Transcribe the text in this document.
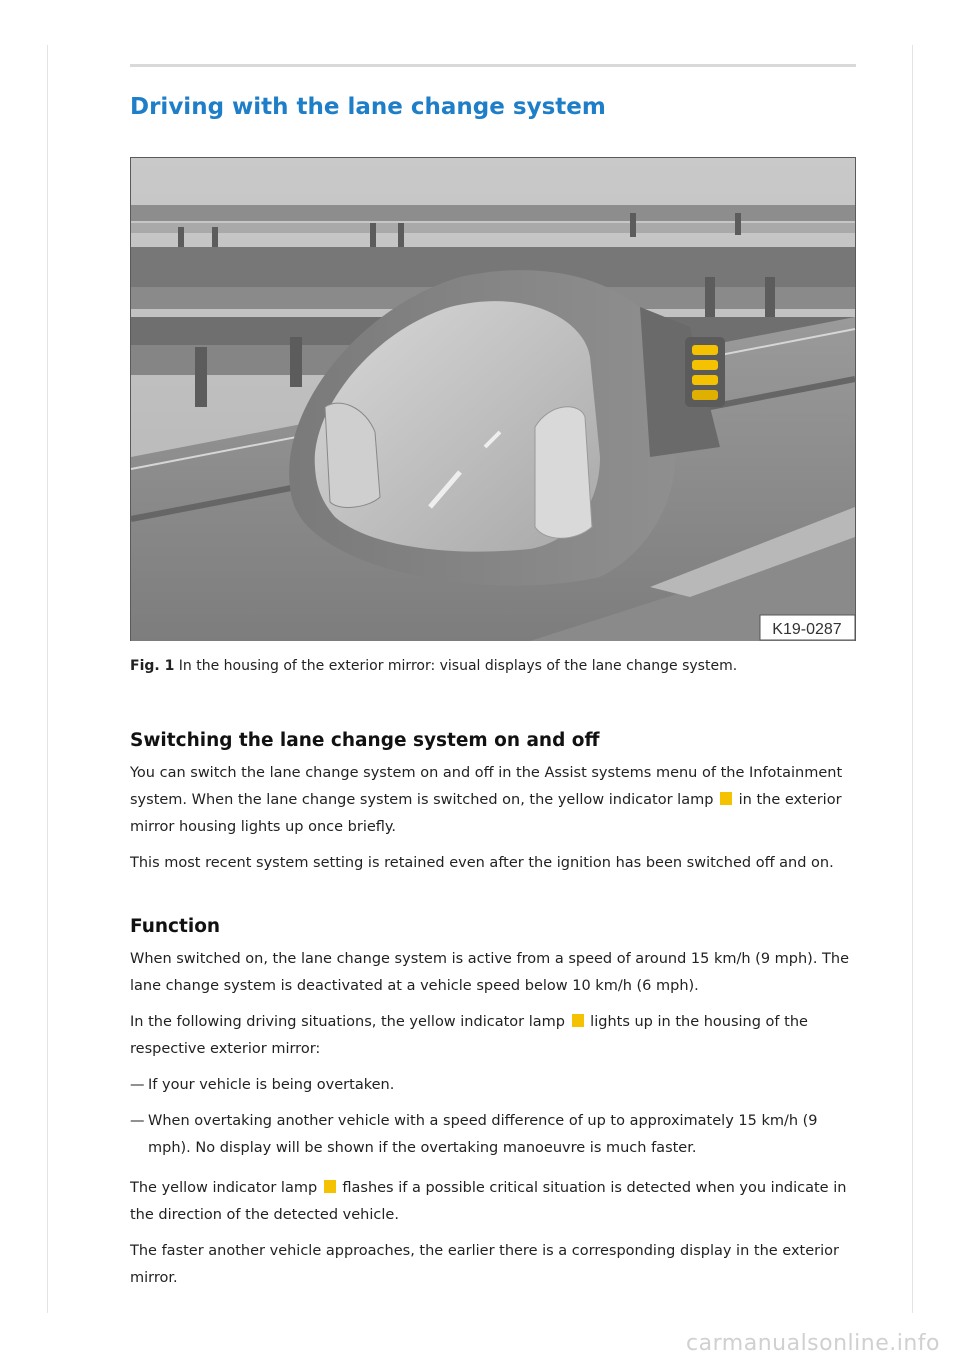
Driving with the lane change system
K19-0287
Fig. 1 In the housing of the exterior mirror: visual displays of the lane change system.
Switching the lane change system on and off

You can switch the lane change system on and off in the Assist systems menu of the Infotainment system. When the lane change system is switched on, the yellow indicator lamp  in the exterior mirror housing lights up once briefly.

This most recent system setting is retained even after the ignition has been switched off and on.

Function

When switched on, the lane change system is active from a speed of around 15 km/h (9 mph). The lane change system is deactivated at a vehicle speed below 10 km/h (6 mph).

In the following driving situations, the yellow indicator lamp  lights up in the housing of the respective exterior mirror:

— If your vehicle is being overtaken.
— When overtaking another vehicle with a speed difference of up to approximately 15 km/h (9 mph). No display will be shown if the overtaking manoeuvre is much faster.

The yellow indicator lamp  flashes if a possible critical situation is detected when you indicate in the direction of the detected vehicle.

The faster another vehicle approaches, the earlier there is a corresponding display in the exterior mirror.

carmanualsonline.info
